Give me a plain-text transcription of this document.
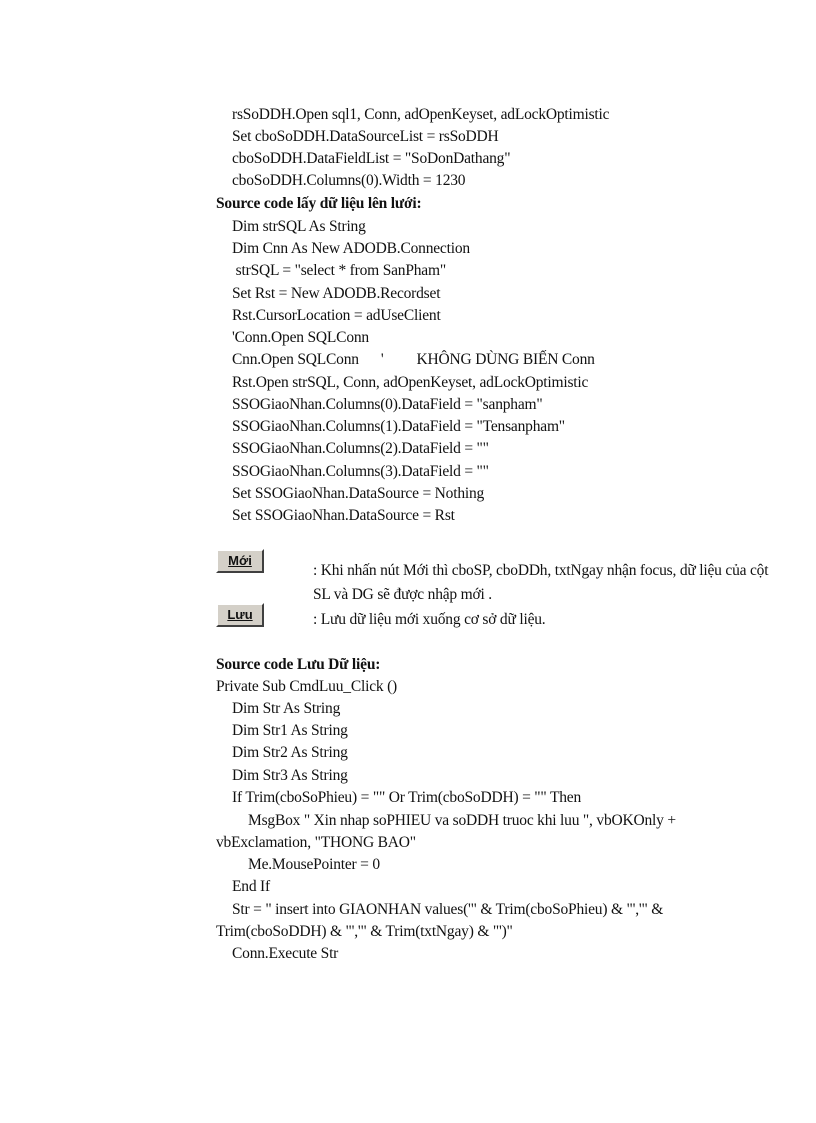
rsSoDDH.Open sql1, Conn, adOpenKeyset, adLockOptimistic
Set cboSoDDH.DataSourceList = rsSoDDH
cboSoDDH.DataFieldList = "SoDonDathang"
cboSoDDH.Columns(0).Width = 1230
Source code lấy dữ liệu lên lưới:
Dim strSQL As String
Dim Cnn As New ADODB.Connection
strSQL = "select * from SanPham"
Set Rst = New ADODB.Recordset
Rst.CursorLocation = adUseClient
'Conn.Open SQLConn
Cnn.Open SQLConn      '         KHÔNG DÙNG BIẾN Conn
Rst.Open strSQL, Conn, adOpenKeyset, adLockOptimistic
SSOGiaoNhan.Columns(0).DataField = "sanpham"
SSOGiaoNhan.Columns(1).DataField = "Tensanpham"
SSOGiaoNhan.Columns(2).DataField = ""
SSOGiaoNhan.Columns(3).DataField = ""
Set SSOGiaoNhan.DataSource = Nothing
Set SSOGiaoNhan.DataSource = Rst
Mới
: Khi nhấn nút Mới thì cboSP, cboDDh, txtNgay nhận focus, dữ liệu của cột SL và DG sẽ được nhập mới .
Lưu	: Lưu dữ liệu mới xuống cơ sở dữ liệu.
Source code Lưu Dữ liệu:
Private Sub CmdLuu_Click ()
Dim Str As String
Dim Str1 As String
Dim Str2 As String
Dim Str3 As String
If Trim(cboSoPhieu) = "" Or Trim(cboSoDDH) = "" Then
MsgBox " Xin nhap soPHIEU va soDDH truoc khi luu ", vbOKOnly +
vbExclamation, "THONG BAO"
Me.MousePointer = 0
End If
Str = " insert into GIAONHAN values('" & Trim(cboSoPhieu) & "','" &
Trim(cboSoDDH) & "','" & Trim(txtNgay) & "')"
Conn.Execute Str
